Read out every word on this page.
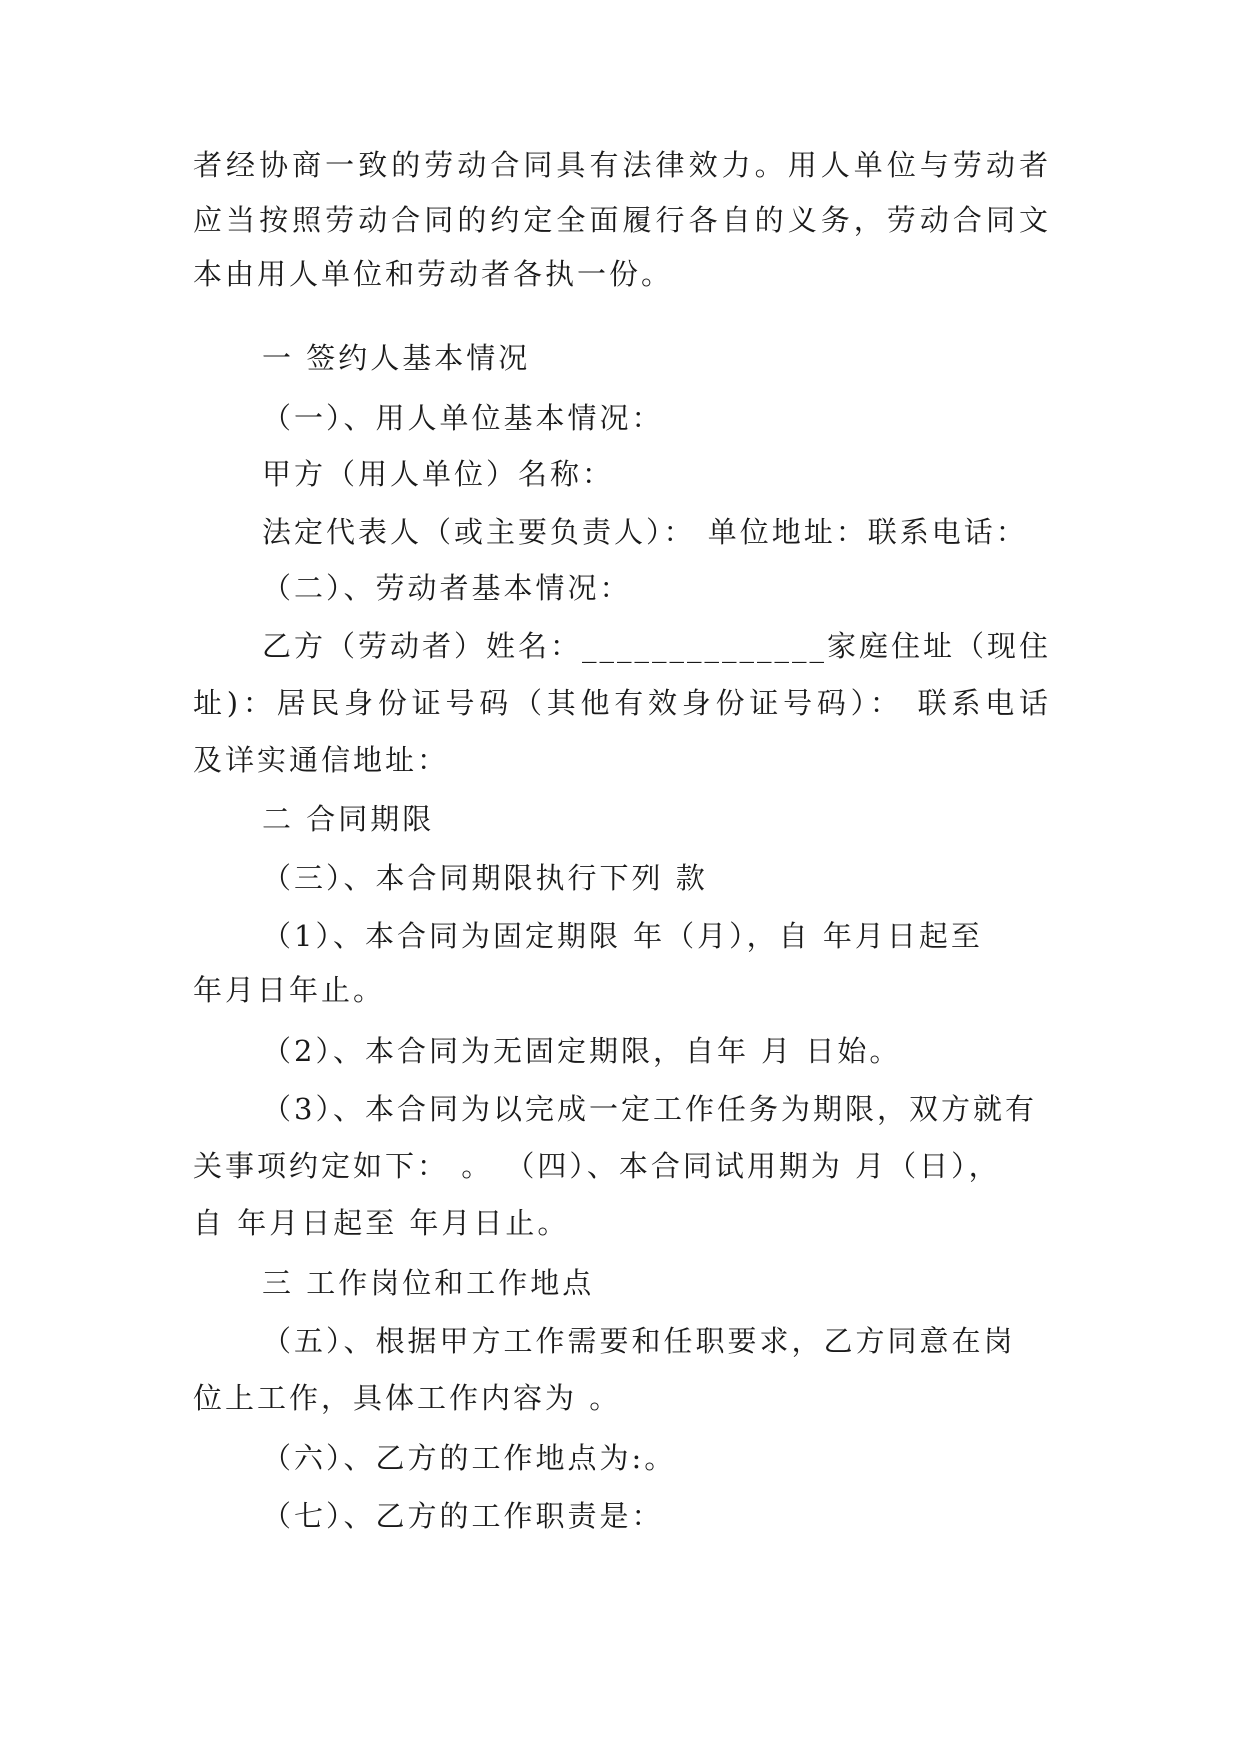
者经协商一致的劳动合同具有法律效力。用人单位与劳动者

应当按照劳动合同的约定全面履行各自的义务，劳动合同文

本由用人单位和劳动者各执一份。

一 签约人基本情况

（一）、用人单位基本情况：

甲方（用人单位）名称：

法定代表人（或主要负责人）： 单位地址：联系电话：

（二）、劳动者基本情况：

乙方（劳动者）姓名：______________家庭住址（现住

址)：居民身份证号码（其他有效身份证号码）： 联系电话

及详实通信地址：

二 合同期限

（三）、本合同期限执行下列 款

（1）、本合同为固定期限 年（月），自 年月日起至

年月日年止。

（2）、本合同为无固定期限，自年 月 日始。

（3）、本合同为以完成一定工作任务为期限，双方就有

关事项约定如下： 。 （四）、本合同试用期为 月（日），

自 年月日起至 年月日止。

三 工作岗位和工作地点

（五）、根据甲方工作需要和任职要求，乙方同意在岗

位上工作，具体工作内容为 。

（六）、乙方的工作地点为:。

（七）、乙方的工作职责是：
